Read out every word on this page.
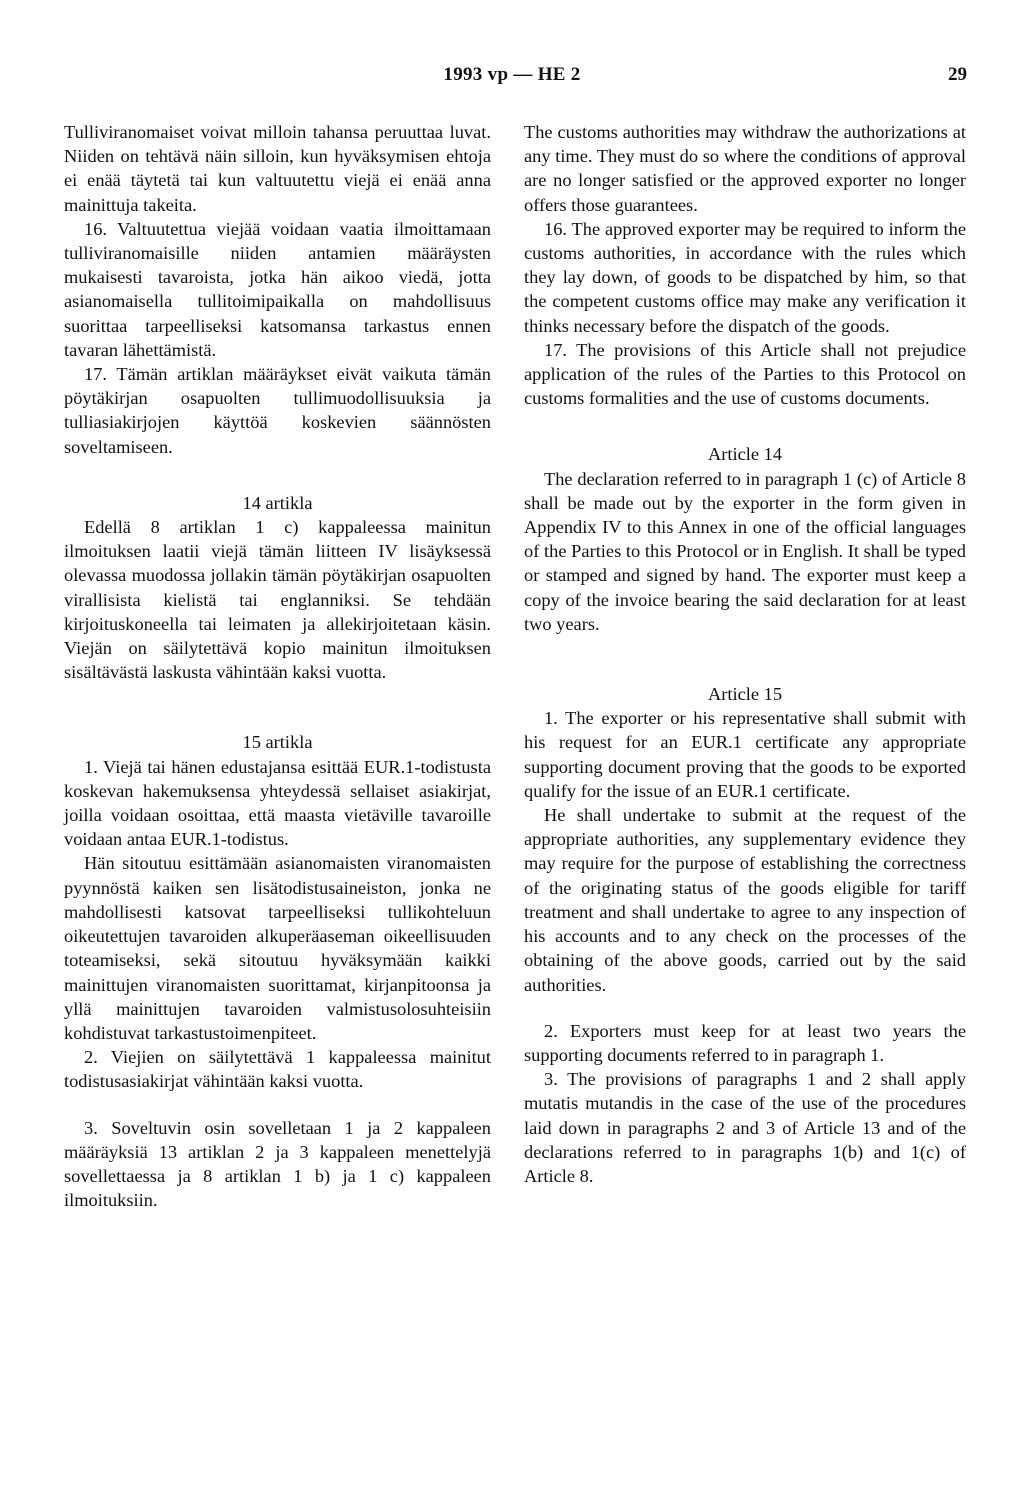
1993 vp — HE 2	29

Tulliviranomaiset voivat milloin tahansa peruuttaa luvat. Niiden on tehtävä näin silloin, kun hyväksymisen ehtoja ei enää täytetä tai kun valtuutettu viejä ei enää anna mainittuja takeita.

16. Valtuutettua viejää voidaan vaatia ilmoittamaan tulliviranomaisille niiden antamien määräysten mukaisesti tavaroista, jotka hän aikoo viedä, jotta asianomaisella tullitoimipaikalla on mahdollisuus suorittaa tarpeelliseksi katsomansa tarkastus ennen tavaran lähettämistä.

17. Tämän artiklan määräykset eivät vaikuta tämän pöytäkirjan osapuolten tullimuodollisuuksia ja tulliasiakirjojen käyttöä koskevien säännösten soveltamiseen.

14 artikla

Edellä 8 artiklan 1 c) kappaleessa mainitun ilmoituksen laatii viejä tämän liitteen IV lisäyksessä olevassa muodossa jollakin tämän pöytäkirjan osapuolten virallisista kielistä tai englanniksi. Se tehdään kirjoituskoneella tai leimaten ja allekirjoitetaan käsin. Viejän on säilytettävä kopio mainitun ilmoituksen sisältävästä laskusta vähintään kaksi vuotta.

15 artikla

1. Viejä tai hänen edustajansa esittää EUR.1-todistusta koskevan hakemuksensa yhteydessä sellaiset asiakirjat, joilla voidaan osoittaa, että maasta vietäville tavaroille voidaan antaa EUR.1-todistus.

Hän sitoutuu esittämään asianomaisten viranomaisten pyynnöstä kaiken sen lisätodistusaineiston, jonka ne mahdollisesti katsovat tarpeelliseksi tullikohteluun oikeutettujen tavaroiden alkuperäaseman oikeellisuuden toteamiseksi, sekä sitoutuu hyväksymään kaikki mainittujen viranomaisten suorittamat, kirjanpitoonsa ja yllä mainittujen tavaroiden valmistusolosuhteisiin kohdistuvat tarkastustoimenpiteet.

2. Viejien on säilytettävä 1 kappaleessa mainitut todistusasiakirjat vähintään kaksi vuotta.

3. Soveltuvin osin sovelletaan 1 ja 2 kappaleen määräyksiä 13 artiklan 2 ja 3 kappaleen menettelyjä sovellettaessa ja 8 artiklan 1 b) ja 1 c) kappaleen ilmoituksiin.

The customs authorities may withdraw the authorizations at any time. They must do so where the conditions of approval are no longer satisfied or the approved exporter no longer offers those guarantees.

16. The approved exporter may be required to inform the customs authorities, in accordance with the rules which they lay down, of goods to be dispatched by him, so that the competent customs office may make any verification it thinks necessary before the dispatch of the goods.

17. The provisions of this Article shall not prejudice application of the rules of the Parties to this Protocol on customs formalities and the use of customs documents.

Article 14

The declaration referred to in paragraph 1 (c) of Article 8 shall be made out by the exporter in the form given in Appendix IV to this Annex in one of the official languages of the Parties to this Protocol or in English. It shall be typed or stamped and signed by hand. The exporter must keep a copy of the invoice bearing the said declaration for at least two years.

Article 15

1. The exporter or his representative shall submit with his request for an EUR.1 certificate any appropriate supporting document proving that the goods to be exported qualify for the issue of an EUR.1 certificate.

He shall undertake to submit at the request of the appropriate authorities, any supplementary evidence they may require for the purpose of establishing the correctness of the originating status of the goods eligible for tariff treatment and shall undertake to agree to any inspection of his accounts and to any check on the processes of the obtaining of the above goods, carried out by the said authorities.

2. Exporters must keep for at least two years the supporting documents referred to in paragraph 1.

3. The provisions of paragraphs 1 and 2 shall apply mutatis mutandis in the case of the use of the procedures laid down in paragraphs 2 and 3 of Article 13 and of the declarations referred to in paragraphs 1(b) and 1(c) of Article 8.
